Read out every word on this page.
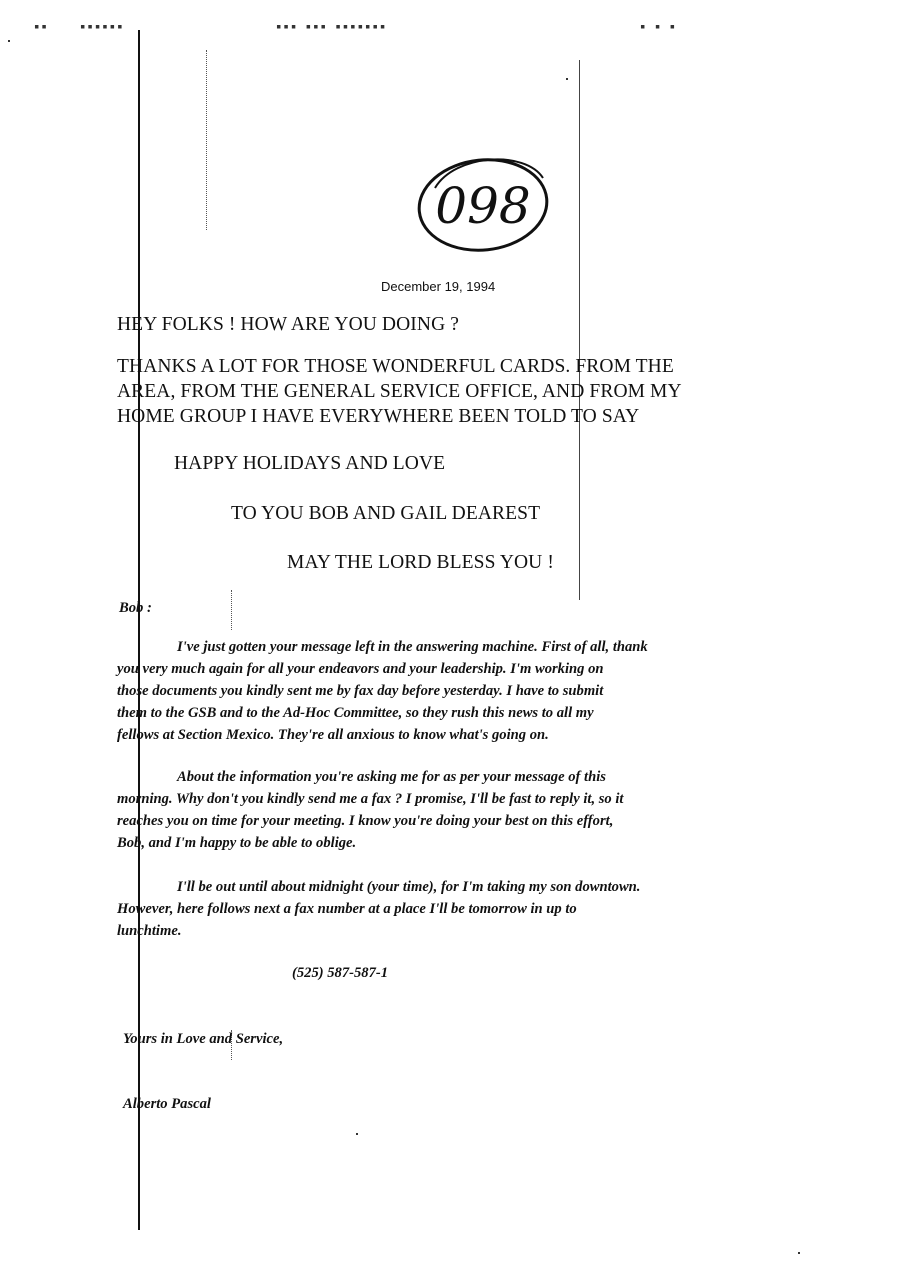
▪▪	▪▪▪▪▪▪	▪▪▪ ▪▪▪ ▪▪▪▪▪▪▪	▪ ▪ ▪
098
December 19, 1994

HEY FOLKS ! HOW ARE YOU DOING ?

THANKS A LOT FOR THOSE WONDERFUL CARDS. FROM THE

AREA, FROM THE GENERAL SERVICE OFFICE, AND FROM MY

HOME GROUP I HAVE EVERYWHERE BEEN TOLD TO SAY

HAPPY HOLIDAYS AND LOVE

TO YOU BOB AND GAIL DEAREST

MAY THE LORD BLESS YOU !

Bob :

I've just gotten your message left in the answering machine. First of all, thank

you very much again for all your endeavors and your leadership. I'm working on

those documents you kindly sent me by fax day before yesterday. I have to submit

them to the GSB and to the Ad-Hoc Committee, so they rush this news to all my

fellows at Section Mexico. They're all anxious to know what's going on.

About the information you're asking me for as per your message of this

morning. Why don't you kindly send me a fax ? I promise, I'll be fast to reply it, so it

reaches you on time for your meeting. I know you're doing your best on this effort,

Bob, and I'm happy to be able to oblige.

I'll be out until about midnight (your time), for I'm taking my son downtown.

However, here follows next a fax number at a place I'll be tomorrow in up to

lunchtime.

(525) 587-587-1

Yours in Love and Service,

Alberto Pascal
